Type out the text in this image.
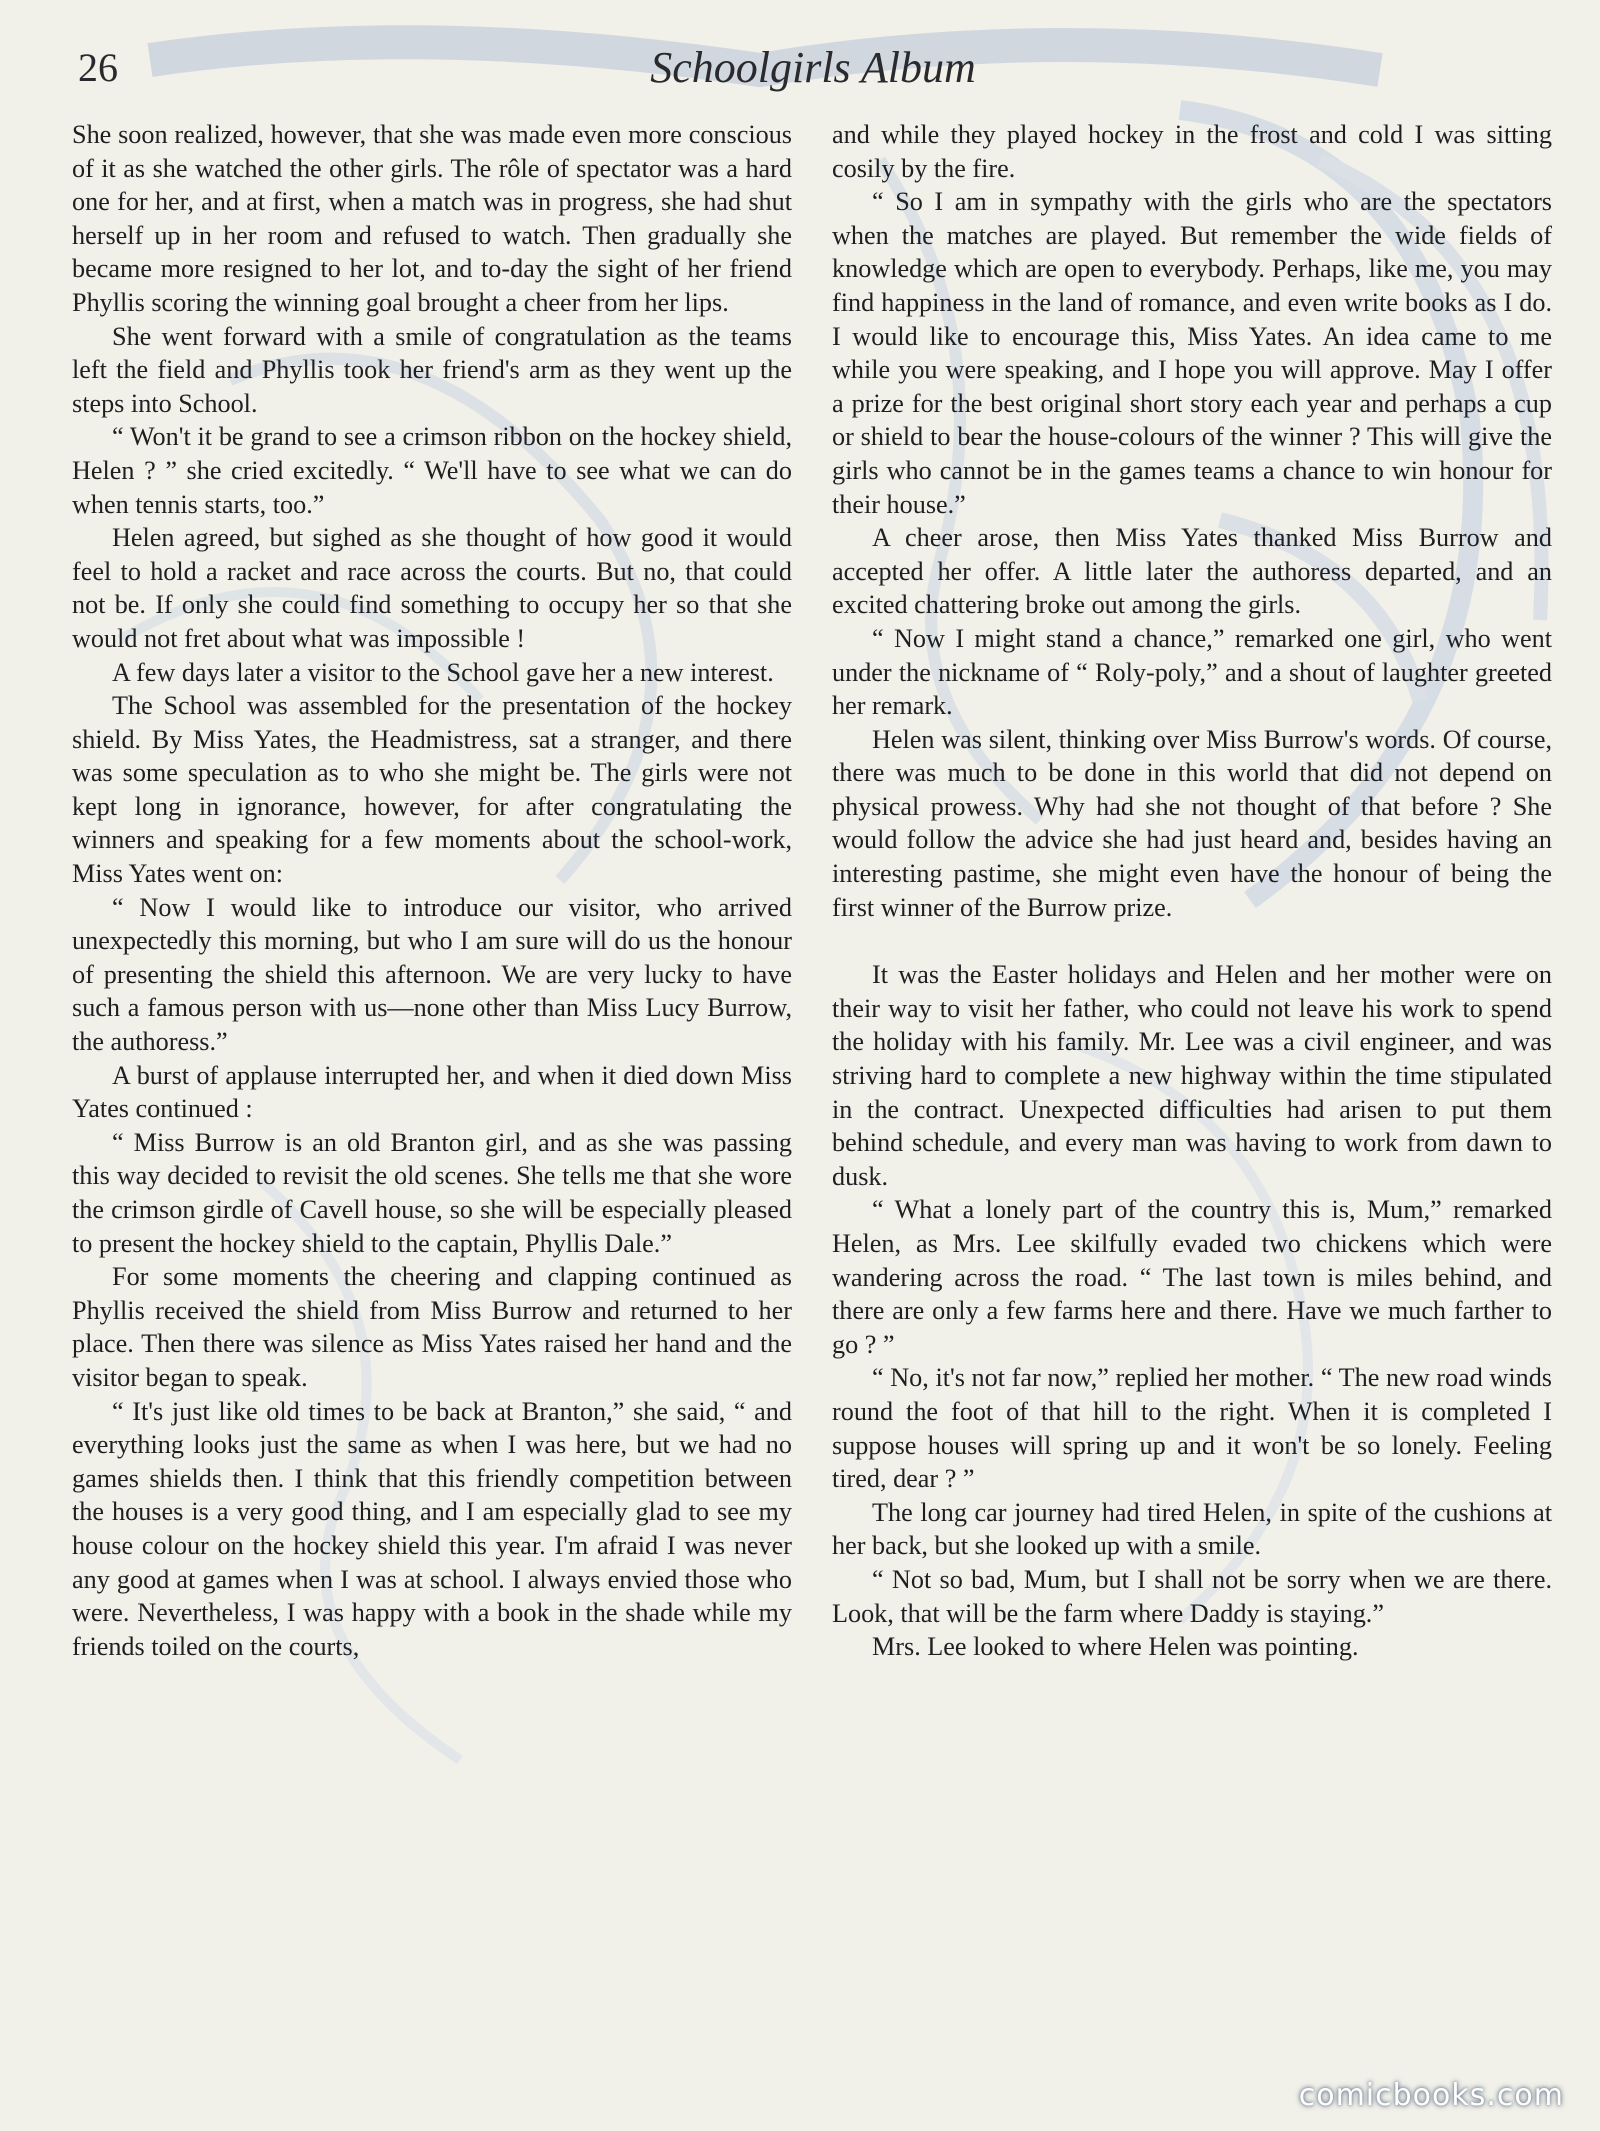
26	Schoolgirls Album

She soon realized, however, that she was made even more conscious of it as she watched the other girls. The rôle of spectator was a hard one for her, and at first, when a match was in progress, she had shut herself up in her room and refused to watch. Then gradually she became more resigned to her lot, and to-day the sight of her friend Phyllis scoring the winning goal brought a cheer from her lips.

She went forward with a smile of congratulation as the teams left the field and Phyllis took her friend's arm as they went up the steps into School.

“ Won't it be grand to see a crimson ribbon on the hockey shield, Helen ? ” she cried excitedly. “ We'll have to see what we can do when tennis starts, too.”

Helen agreed, but sighed as she thought of how good it would feel to hold a racket and race across the courts. But no, that could not be. If only she could find something to occupy her so that she would not fret about what was impossible !

A few days later a visitor to the School gave her a new interest.

The School was assembled for the presentation of the hockey shield. By Miss Yates, the Headmistress, sat a stranger, and there was some speculation as to who she might be. The girls were not kept long in ignorance, however, for after congratulating the winners and speaking for a few moments about the school-work, Miss Yates went on:

“ Now I would like to introduce our visitor, who arrived unexpectedly this morning, but who I am sure will do us the honour of presenting the shield this afternoon. We are very lucky to have such a famous person with us—none other than Miss Lucy Burrow, the authoress.”

A burst of applause interrupted her, and when it died down Miss Yates continued :

“ Miss Burrow is an old Branton girl, and as she was passing this way decided to revisit the old scenes. She tells me that she wore the crimson girdle of Cavell house, so she will be especially pleased to present the hockey shield to the captain, Phyllis Dale.”

For some moments the cheering and clapping continued as Phyllis received the shield from Miss Burrow and returned to her place. Then there was silence as Miss Yates raised her hand and the visitor began to speak.

“ It's just like old times to be back at Branton,” she said, “ and everything looks just the same as when I was here, but we had no games shields then. I think that this friendly competition between the houses is a very good thing, and I am especially glad to see my house colour on the hockey shield this year. I'm afraid I was never any good at games when I was at school. I always envied those who were. Nevertheless, I was happy with a book in the shade while my friends toiled on the courts,

and while they played hockey in the frost and cold I was sitting cosily by the fire.

“ So I am in sympathy with the girls who are the spectators when the matches are played. But remember the wide fields of knowledge which are open to everybody. Perhaps, like me, you may find happiness in the land of romance, and even write books as I do. I would like to encourage this, Miss Yates. An idea came to me while you were speaking, and I hope you will approve. May I offer a prize for the best original short story each year and perhaps a cup or shield to bear the house-colours of the winner ? This will give the girls who cannot be in the games teams a chance to win honour for their house.”

A cheer arose, then Miss Yates thanked Miss Burrow and accepted her offer. A little later the authoress departed, and an excited chattering broke out among the girls.

“ Now I might stand a chance,” remarked one girl, who went under the nickname of “ Roly-poly,” and a shout of laughter greeted her remark.

Helen was silent, thinking over Miss Burrow's words. Of course, there was much to be done in this world that did not depend on physical prowess. Why had she not thought of that before ? She would follow the advice she had just heard and, besides having an interesting pastime, she might even have the honour of being the first winner of the Burrow prize.

It was the Easter holidays and Helen and her mother were on their way to visit her father, who could not leave his work to spend the holiday with his family. Mr. Lee was a civil engineer, and was striving hard to complete a new highway within the time stipulated in the contract. Unexpected difficulties had arisen to put them behind schedule, and every man was having to work from dawn to dusk.

“ What a lonely part of the country this is, Mum,” remarked Helen, as Mrs. Lee skilfully evaded two chickens which were wandering across the road. “ The last town is miles behind, and there are only a few farms here and there. Have we much farther to go ? ”

“ No, it's not far now,” replied her mother. “ The new road winds round the foot of that hill to the right. When it is completed I suppose houses will spring up and it won't be so lonely. Feeling tired, dear ? ”

The long car journey had tired Helen, in spite of the cushions at her back, but she looked up with a smile.

“ Not so bad, Mum, but I shall not be sorry when we are there. Look, that will be the farm where Daddy is staying.”

Mrs. Lee looked to where Helen was pointing.

comicbooks.com
